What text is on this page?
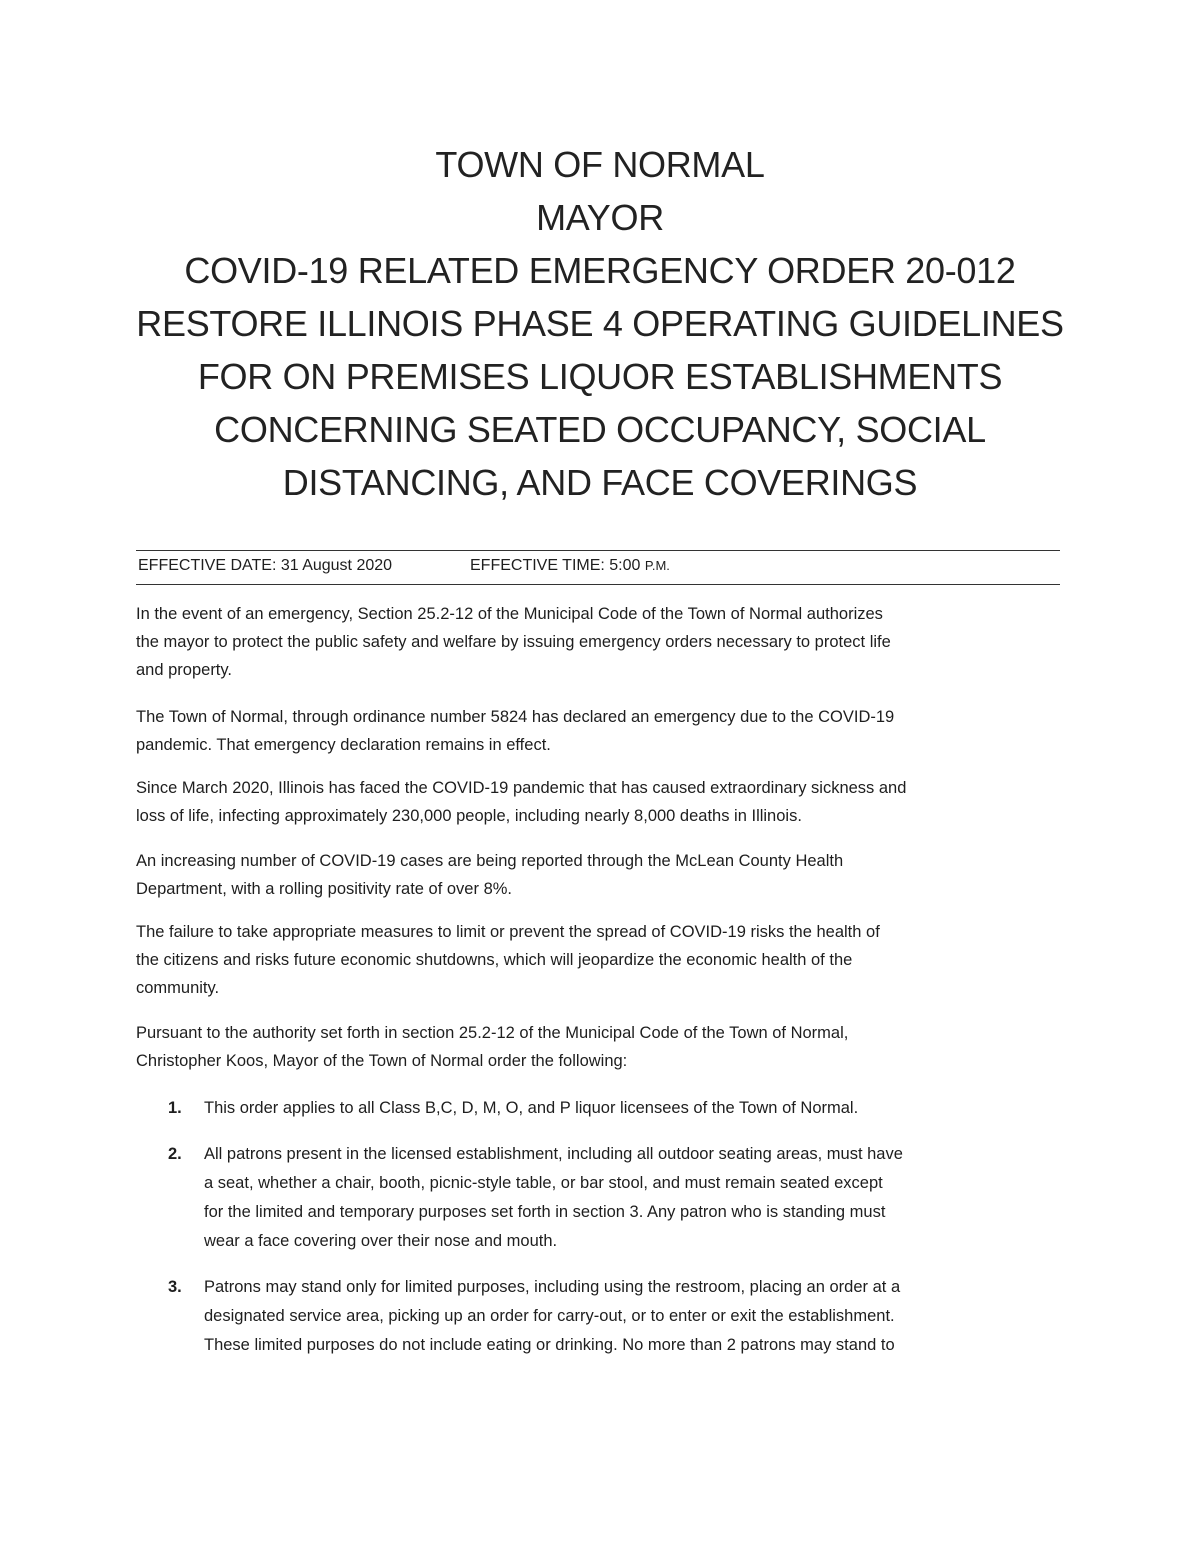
TOWN OF NORMAL
MAYOR
COVID-19 RELATED EMERGENCY ORDER 20-012
RESTORE ILLINOIS PHASE 4 OPERATING GUIDELINES
FOR ON PREMISES LIQUOR ESTABLISHMENTS
CONCERNING SEATED OCCUPANCY, SOCIAL
DISTANCING, AND FACE COVERINGS
EFFECTIVE DATE: 31 August 2020	EFFECTIVE TIME: 5:00 P.M.
In the event of an emergency, Section 25.2-12 of the Municipal Code of the Town of Normal authorizes
the mayor to protect the public safety and welfare by issuing emergency orders necessary to protect life
and property.
The Town of Normal, through ordinance number 5824 has declared an emergency due to the COVID-19
pandemic. That emergency declaration remains in effect.
Since March 2020, Illinois has faced the COVID-19 pandemic that has caused extraordinary sickness and
loss of life, infecting approximately 230,000 people, including nearly 8,000 deaths in Illinois.
An increasing number of COVID-19 cases are being reported through the McLean County Health
Department, with a rolling positivity rate of over 8%.
The failure to take appropriate measures to limit or prevent the spread of COVID-19 risks the health of
the citizens and risks future economic shutdowns, which will jeopardize the economic health of the
community.
Pursuant to the authority set forth in section 25.2-12 of the Municipal Code of the Town of Normal,
Christopher Koos, Mayor of the Town of Normal order the following:
1.	This order applies to all Class B,C, D, M, O, and P liquor licensees of the Town of Normal.
2.	All patrons present in the licensed establishment, including all outdoor seating areas, must have
a seat, whether a chair, booth, picnic-style table, or bar stool, and must remain seated except
for the limited and temporary purposes set forth in section 3. Any patron who is standing must
wear a face covering over their nose and mouth.
3.	Patrons may stand only for limited purposes, including using the restroom, placing an order at a
designated service area, picking up an order for carry-out, or to enter or exit the establishment.
These limited purposes do not include eating or drinking. No more than 2 patrons may stand to
